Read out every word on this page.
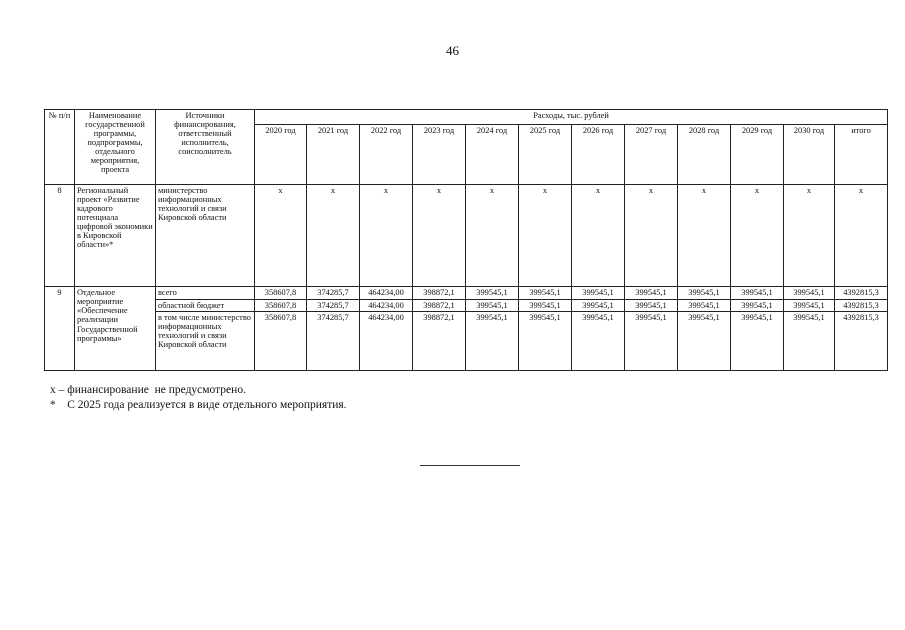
46
№ п/п	Наименование государственной программы, подпрограммы, отдельного мероприятия, проекта	Источники финансирования, ответственный исполнитель, соисполнитель	Расходы, тыс. рублей											
			2020 год	2021 год	2022 год	2023 год	2024 год	2025 год	2026 год	2027 год	2028 год	2029 год	2030 год	итого
8	Региональный проект «Развитие кадрового потенциала цифровой экономики в Кировской области»*	министерство информационных технологий и связи Кировской области	x	x	x	x	x	x	x	x	x	x	x	x
9	Отдельное мероприятие «Обеспечение реализации Государственной программы»	всего	358607,8	374285,7	464234,00	398872,1	399545,1	399545,1	399545,1	399545,1	399545,1	399545,1	399545,1	4392815,3
		областной бюджет	358607,8	374285,7	464234,00	398872,1	399545,1	399545,1	399545,1	399545,1	399545,1	399545,1	399545,1	4392815,3
		в том числе министерство информационных технологий и связи Кировской области	358607,8	374285,7	464234,00	398872,1	399545,1	399545,1	399545,1	399545,1	399545,1	399545,1	399545,1	4392815,3
х – финансирование  не предусмотрено.
*    С 2025 года реализуется в виде отдельного мероприятия.
